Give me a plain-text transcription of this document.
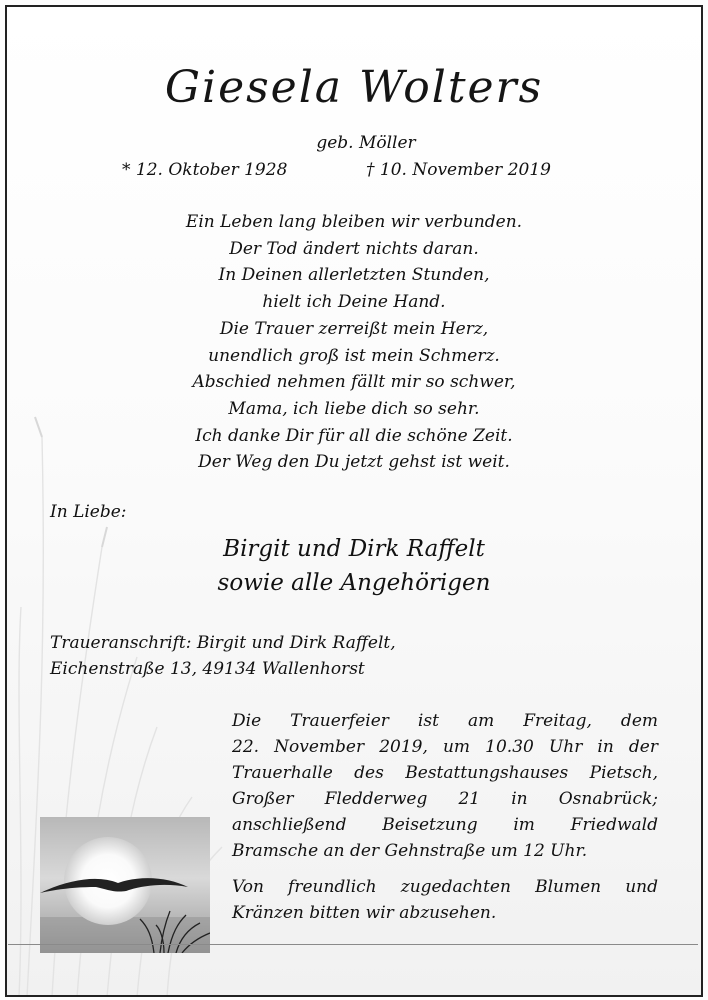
Giesela Wolters
geb. Möller
* 12. Oktober 1928	† 10. November 2019
Ein Leben lang bleiben wir verbunden.
Der Tod ändert nichts daran.
In Deinen allerletzten Stunden,
hielt ich Deine Hand.
Die Trauer zerreißt mein Herz,
unendlich groß ist mein Schmerz.
Abschied nehmen fällt mir so schwer,
Mama, ich liebe dich so sehr.
Ich danke Dir für all die schöne Zeit.
Der Weg den Du jetzt gehst ist weit.
In Liebe:
Birgit und Dirk Raffelt
sowie alle Angehörigen
Traueranschrift: Birgit und Dirk Raffelt,
Eichenstraße 13, 49134 Wallenhorst
Die Trauerfeier ist am Freitag, dem
22. November 2019, um 10.30 Uhr in der
Trauerhalle des Bestattungshauses Pietsch,
Großer Fledderweg 21 in Osnabrück;
anschließend Beisetzung im Friedwald
Bramsche an der Gehnstraße um 12 Uhr.
Von freundlich zugedachten Blumen und
Kränzen bitten wir abzusehen.
